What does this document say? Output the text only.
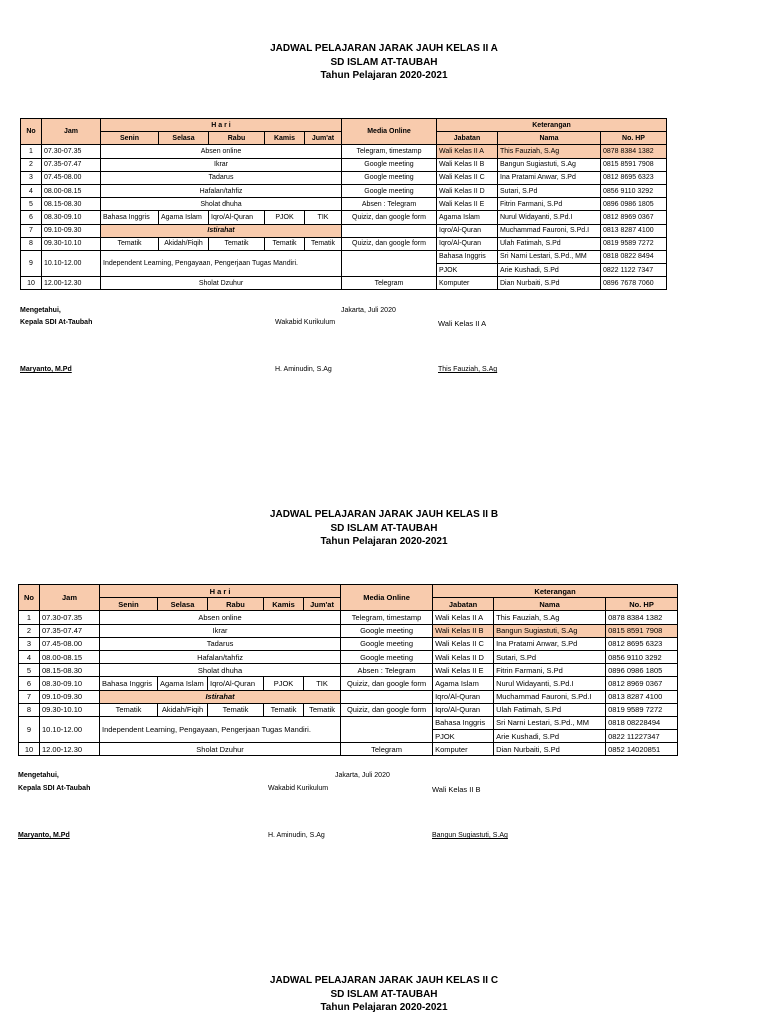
JADWAL PELAJARAN JARAK JAUH KELAS II A
SD ISLAM AT-TAUBAH
Tahun Pelajaran 2020-2021
No	Jam	H a r i					Media Online	Keterangan		
		Senin	Selasa	Rabu	Kamis	Jum'at		Jabatan	Nama	No. HP
1	07.30-07.35	Absen online					Telegram, timestamp	Wali Kelas II A	This Fauziah, S.Ag	0878 8384 1382
2	07.35-07.47	Ikrar					Google meeting	Wali Kelas II B	Bangun Sugiastuti, S.Ag	0815 8591 7908
3	07.45-08.00	Tadarus					Google meeting	Wali Kelas II C	Ina Pratami Anwar, S.Pd	0812 8695 6323
4	08.00-08.15	Hafalan/tahfiz					Google meeting	Wali Kelas II D	Sutari, S.Pd	0856 9110 3292
5	08.15-08.30	Sholat dhuha					Absen : Telegram	Wali Kelas II E	Fitrin Farmani, S.Pd	0896 0986 1805
6	08.30-09.10	Bahasa Inggris	Agama Islam	Iqro/Al-Quran	PJOK	TIK	Quiziz, dan google form	Agama Islam	Nurul Widayanti, S.Pd.I	0812 8969 0367
7	09.10-09.30	Istirahat						Iqro/Al-Quran	Muchammad Fauroni, S.Pd.I	0813 8287 4100
8	09.30-10.10	Tematik	Akidah/Fiqih	Tematik	Tematik	Tematik	Quiziz, dan google form	Iqro/Al-Quran	Ulah Fatimah, S.Pd	0819 9589 7272
9	10.10-12.00	Independent Learning, Pengayaan, Pengerjaan Tugas Mandiri.						Bahasa Inggris	Sri Narni Lestari, S.Pd., MM	0818 0822 8494
								PJOK	Arie Kushadi, S.Pd	0822 1122 7347
10	12.00-12.30	Sholat Dzuhur					Telegram	Komputer	Dian Nurbaiti, S.Pd	0896 7678 7060
Mengetahui,
Kepala SDI At-Taubah
Jakarta, Juli 2020
Wakabid Kurikulum	Wali Kelas II A
Maryanto, M.Pd	H. Aminudin, S.Ag	This Fauziah, S.Ag
JADWAL PELAJARAN JARAK JAUH KELAS II B
SD ISLAM AT-TAUBAH
Tahun Pelajaran 2020-2021
No	Jam	H a r i					Media Online	Keterangan		
		Senin	Selasa	Rabu	Kamis	Jum'at		Jabatan	Nama	No. HP
1	07.30-07.35	Absen online					Telegram, timestamp	Wali Kelas II A	This Fauziah, S.Ag	0878 8384 1382
2	07.35-07.47	Ikrar					Google meeting	Wali Kelas II B	Bangun Sugiastuti, S.Ag	0815 8591 7908
3	07.45-08.00	Tadarus					Google meeting	Wali Kelas II C	Ina Pratami Anwar, S.Pd	0812 8695 6323
4	08.00-08.15	Hafalan/tahfiz					Google meeting	Wali Kelas II D	Sutari, S.Pd	0856 9110 3292
5	08.15-08.30	Sholat dhuha					Absen : Telegram	Wali Kelas II E	Fitrin Farmani, S.Pd	0896 0986 1805
6	08.30-09.10	Bahasa Inggris	Agama Islam	Iqro/Al-Quran	PJOK	TIK	Quiziz, dan google form	Agama Islam	Nurul Widayanti, S.Pd.I	0812 8969 0367
7	09.10-09.30	Istirahat						Iqro/Al-Quran	Muchammad Fauroni, S.Pd.I	0813 8287 4100
8	09.30-10.10	Tematik	Akidah/Fiqih	Tematik	Tematik	Tematik	Quiziz, dan google form	Iqro/Al-Quran	Ulah Fatimah, S.Pd	0819 9589 7272
9	10.10-12.00	Independent Learning, Pengayaan, Pengerjaan Tugas Mandiri.						Bahasa Inggris	Sri Narni Lestari, S.Pd., MM	0818 08228494
								PJOK	Arie Kushadi, S.Pd	0822 11227347
10	12.00-12.30	Sholat Dzuhur					Telegram	Komputer	Dian Nurbaiti, S.Pd	0852 14020851
Mengetahui,
Kepala SDI At-Taubah
Jakarta, Juli 2020
Wakabid Kurikulum	Wali Kelas II B
Maryanto, M.Pd	H. Aminudin, S.Ag	Bangun Sugiastuti, S.Ag
JADWAL PELAJARAN JARAK JAUH KELAS II C
SD ISLAM AT-TAUBAH
Tahun Pelajaran 2020-2021
